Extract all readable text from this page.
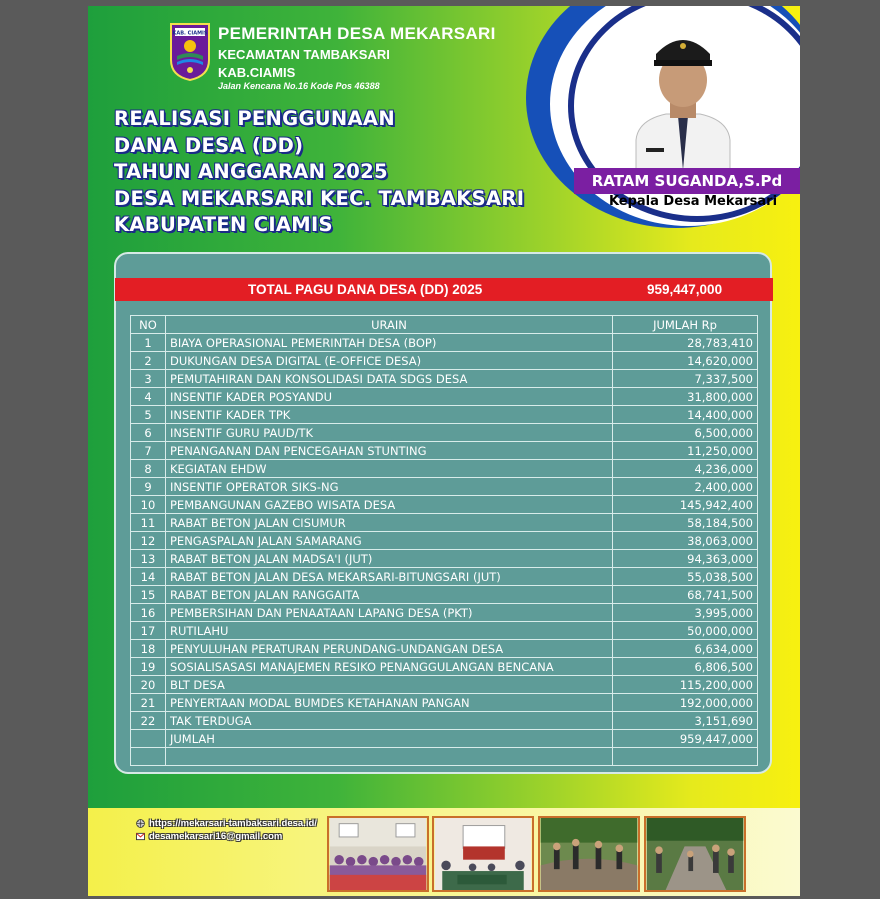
KAB. CIAMIS PEMERINTAH DESA MEKARSARI
KECAMATAN TAMBAKSARI
KAB.CIAMIS
Jalan Kencana No.16 Kode Pos 46388
REALISASI PENGGUNAAN
DANA DESA (DD)
TAHUN ANGGARAN 2025
DESA MEKARSARI KEC. TAMBAKSARI
KABUPATEN CIAMIS
RATAM SUGANDA,S.Pd
Kepala Desa Mekarsari
TOTAL PAGU DANA DESA (DD) 2025	959,447,000
NO	URAIN	JUMLAH Rp
1	BIAYA OPERASIONAL PEMERINTAH DESA (BOP)	28,783,410
2	DUKUNGAN DESA DIGITAL (E-OFFICE DESA)	14,620,000
3	PEMUTAHIRAN DAN KONSOLIDASI DATA SDGS DESA	7,337,500
4	INSENTIF KADER POSYANDU	31,800,000
5	INSENTIF KADER TPK	14,400,000
6	INSENTIF GURU PAUD/TK	6,500,000
7	PENANGANAN DAN PENCEGAHAN STUNTING	11,250,000
8	KEGIATAN EHDW	4,236,000
9	INSENTIF OPERATOR SIKS-NG	2,400,000
10	PEMBANGUNAN GAZEBO WISATA DESA	145,942,400
11	RABAT BETON JALAN CISUMUR	58,184,500
12	PENGASPALAN JALAN SAMARANG	38,063,000
13	RABAT BETON JALAN MADSA'I (JUT)	94,363,000
14	RABAT BETON JALAN DESA MEKARSARI-BITUNGSARI (JUT)	55,038,500
15	RABAT BETON JALAN RANGGAITA	68,741,500
16	PEMBERSIHAN DAN PENAATAAN LAPANG DESA (PKT)	3,995,000
17	RUTILAHU	50,000,000
18	PENYULUHAN PERATURAN PERUNDANG-UNDANGAN DESA	6,634,000
19	SOSIALISASASI MANAJEMEN RESIKO PENANGGULANGAN BENCANA	6,806,500
20	BLT DESA	115,200,000
21	PENYERTAAN MODAL BUMDES KETAHANAN PANGAN	192,000,000
22	TAK TERDUGA	3,151,690
	JUMLAH	959,447,000

https://mekarsari-tambaksari.desa.id/
desamekarsari16@gmail.com
